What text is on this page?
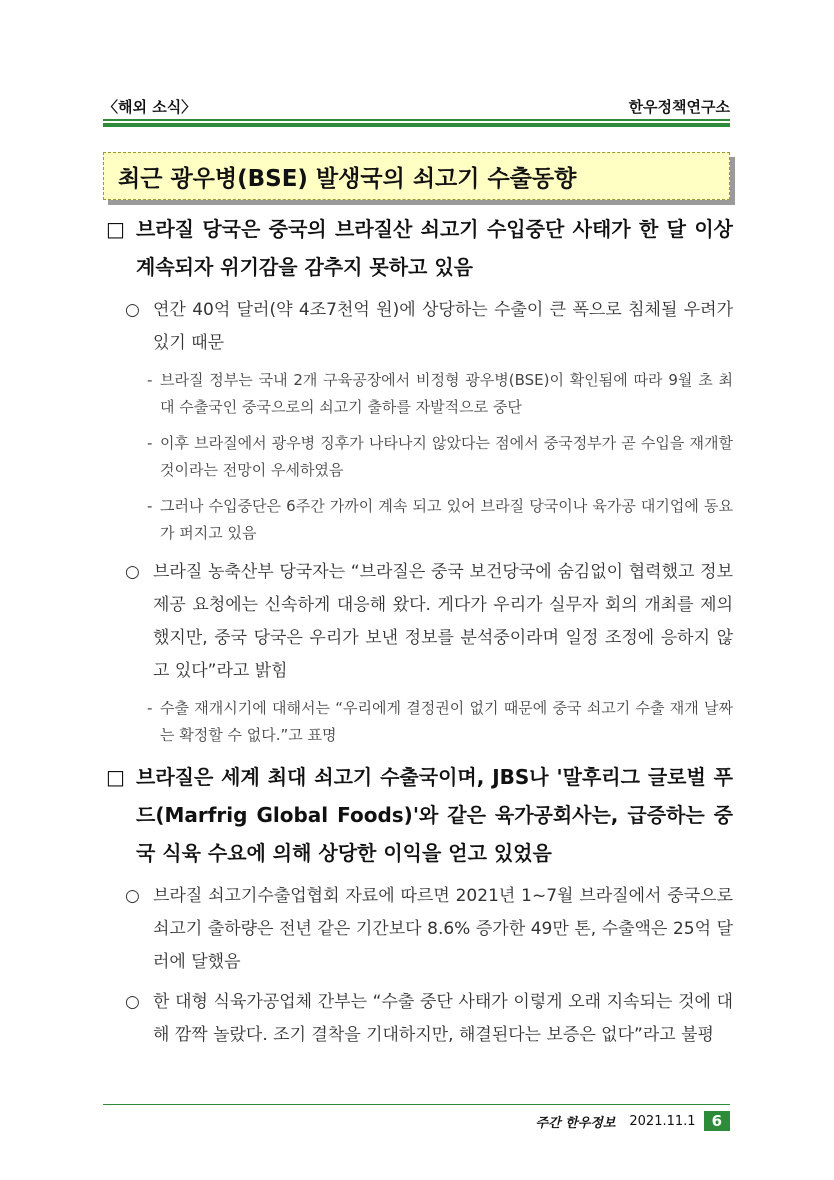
〈해외 소식〉	한우정책연구소
최근 광우병(BSE) 발생국의 쇠고기 수출동향
□ 브라질 당국은 중국의 브라질산 쇠고기 수입중단 사태가 한 달 이상 계속되자 위기감을 감추지 못하고 있음
○ 연간 40억 달러(약 4조7천억 원)에 상당하는 수출이 큰 폭으로 침체될 우려가 있기 때문
- 브라질 정부는 국내 2개 구육공장에서 비정형 광우병(BSE)이 확인됨에 따라 9월 초 최대 수출국인 중국으로의 쇠고기 출하를 자발적으로 중단
- 이후 브라질에서 광우병 징후가 나타나지 않았다는 점에서 중국정부가 곧 수입을 재개할 것이라는 전망이 우세하였음
- 그러나 수입중단은 6주간 가까이 계속 되고 있어 브라질 당국이나 육가공 대기업에 동요가 퍼지고 있음
○ 브라질 농축산부 당국자는 “브라질은 중국 보건당국에 숨김없이 협력했고 정보 제공 요청에는 신속하게 대응해 왔다. 게다가 우리가 실무자 회의 개최를 제의했지만, 중국 당국은 우리가 보낸 정보를 분석중이라며 일정 조정에 응하지 않고 있다”라고 밝힘
- 수출 재개시기에 대해서는 “우리에게 결정권이 없기 때문에 중국 쇠고기 수출 재개 날짜는 확정할 수 없다.”고 표명
□ 브라질은 세계 최대 쇠고기 수출국이며, JBS나 '말후리그 글로벌 푸드(Marfrig Global Foods)'와 같은 육가공회사는, 급증하는 중국 식육 수요에 의해 상당한 이익을 얻고 있었음
○ 브라질 쇠고기수출업협회 자료에 따르면 2021년 1~7월 브라질에서 중국으로 쇠고기 출하량은 전년 같은 기간보다 8.6% 증가한 49만 톤, 수출액은 25억 달러에 달했음
○ 한 대형 식육가공업체 간부는 “수출 중단 사태가 이렇게 오래 지속되는 것에 대해 깜짝 놀랐다. 조기 결착을 기대하지만, 해결된다는 보증은 없다”라고 불평
주간 한우정보 2021.11.1	6
